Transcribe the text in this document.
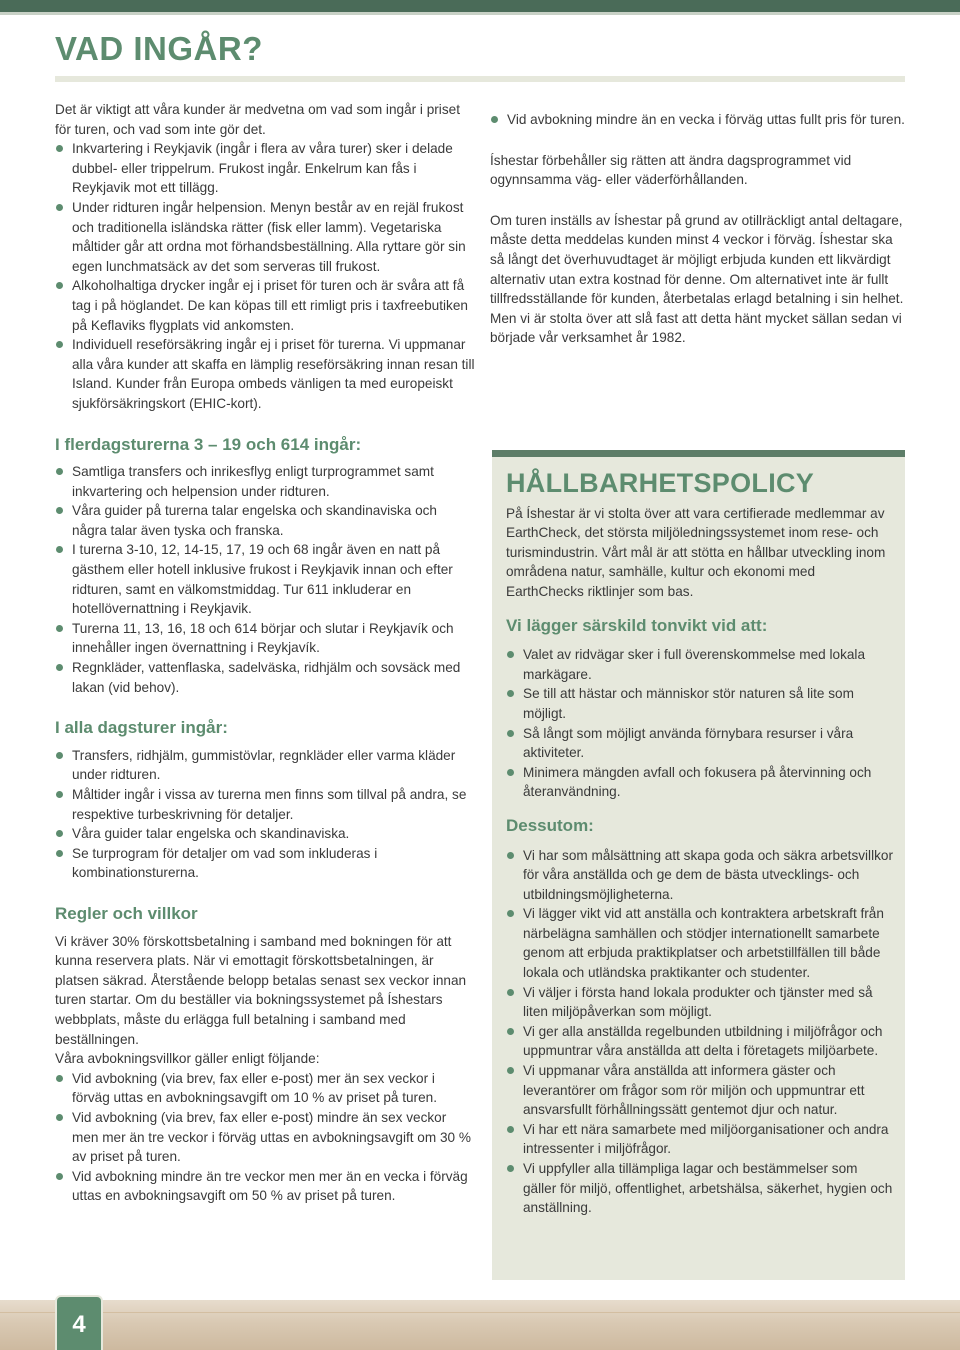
VAD INGÅR?

Det är viktigt att våra kunder är medvetna om vad som ingår i priset för turen, och vad som inte gör det.

Inkvartering i Reykjavik (ingår i flera av våra turer) sker i delade dubbel- eller trippelrum. Frukost ingår. Enkelrum kan fås i Reykjavik mot ett tillägg.
Under ridturen ingår helpension. Menyn består av en rejäl frukost och traditionella isländska rätter (fisk eller lamm). Vegetariska måltider går att ordna mot förhandsbeställning. Alla ryttare gör sin egen lunchmatsäck av det som serveras till frukost.
Alkoholhaltiga drycker ingår ej i priset för turen och är svåra att få tag i på höglandet. De kan köpas till ett rimligt pris i taxfreebutiken på Keflaviks flygplats vid ankomsten.
Individuell reseförsäkring ingår ej i priset för turerna. Vi uppmanar alla våra kunder att skaffa en lämplig reseförsäkring innan resan till Island. Kunder från Europa ombeds vänligen ta med europeiskt sjukförsäkringskort (EHIC-kort).
I flerdagsturerna 3 – 19 och 614 ingår:
Samtliga transfers och inrikesflyg enligt turprogrammet samt inkvartering och helpension under ridturen.
Våra guider på turerna talar engelska och skandinaviska och några talar även tyska och franska.
I turerna 3-10, 12, 14-15, 17, 19 och 68 ingår även en natt på gästhem eller hotell inklusive frukost i Reykjavik innan och efter ridturen, samt en välkomstmiddag. Tur 611 inkluderar en hotellövernattning i Reykjavik.
Turerna 11, 13, 16, 18 och 614 börjar och slutar i Reykjavík och innehåller ingen övernattning i Reykjavík.
Regnkläder, vattenflaska, sadelväska, ridhjälm och sovsäck med lakan (vid behov).
I alla dagsturer ingår:
Transfers, ridhjälm, gummistövlar, regnkläder eller varma kläder under ridturen.
Måltider ingår i vissa av turerna men finns som tillval på andra, se respektive turbeskrivning för detaljer.
Våra guider talar engelska och skandinaviska.
Se turprogram för detaljer om vad som inkluderas i kombinationsturerna.
Regler och villkor

Vi kräver 30% förskottsbetalning i samband med bokningen för att kunna reservera plats. När vi emottagit förskottsbetalningen, är platsen säkrad. Återstående belopp betalas senast sex veckor innan turen startar. Om du beställer via bokningssystemet på Íshestars webbplats, måste du erlägga full betalning i samband med beställningen.

Våra avbokningsvillkor gäller enligt följande:

Vid avbokning (via brev, fax eller e-post) mer än sex veckor i förväg uttas en avbokningsavgift om 10 % av priset på turen.
Vid avbokning (via brev, fax eller e-post) mindre än sex veckor men mer än tre veckor i förväg uttas en avbokningsavgift om 30 % av priset på turen.
Vid avbokning mindre än tre veckor men mer än en vecka i förväg uttas en avbokningsavgift om 50 % av priset på turen.
Vid avbokning mindre än en vecka i förväg uttas fullt pris för turen.

Íshestar förbehåller sig rätten att ändra dagsprogrammet vid ogynnsamma väg- eller väderförhållanden.

Om turen inställs av Íshestar på grund av otillräckligt antal deltagare, måste detta meddelas kunden minst 4 veckor i förväg. Íshestar ska så långt det överhuvudtaget är möjligt erbjuda kunden ett likvärdigt alternativ utan extra kostnad för denne. Om alternativet inte är fullt tillfredsställande för kunden, återbetalas erlagd betalning i sin helhet. Men vi är stolta över att slå fast att detta hänt mycket sällan sedan vi började vår verksamhet år 1982.

HÅLLBARHETSPOLICY

På Íshestar är vi stolta över att vara certifierade medlemmar av EarthCheck, det största miljöledningssystemet inom rese- och turismindustrin. Vårt mål är att stötta en hållbar utveckling inom områdena natur, samhälle, kultur och ekonomi med EarthChecks riktlinjer som bas.

Vi lägger särskild tonvikt vid att:
Valet av ridvägar sker i full överenskommelse med lokala markägare.
Se till att hästar och människor stör naturen så lite som möjligt.
Så långt som möjligt använda förnybara resurser i våra aktiviteter.
Minimera mängden avfall och fokusera på återvinning och återanvändning.
Dessutom:
Vi har som målsättning att skapa goda och säkra arbetsvillkor för våra anställda och ge dem de bästa utvecklings- och utbildningsmöjligheterna.
Vi lägger vikt vid att anställa och kontraktera arbetskraft från närbelägna samhällen och stödjer internationellt samarbete genom att erbjuda praktikplatser och arbetstillfällen till både lokala och utländska praktikanter och studenter.
Vi väljer i första hand lokala produkter och tjänster med så liten miljöpåverkan som möjligt.
Vi ger alla anställda regelbunden utbildning i miljöfrågor och uppmuntrar våra anställda att delta i företagets miljöarbete.
Vi uppmanar våra anställda att informera gäster och leverantörer om frågor som rör miljön och uppmuntrar ett ansvarsfullt förhållningssätt gentemot djur och natur.
Vi har ett nära samarbete med miljöorganisationer och andra intressenter i miljöfrågor.
Vi uppfyller alla tillämpliga lagar och bestämmelser som gäller för miljö, offentlighet, arbetshälsa, säkerhet, hygien och anställning.
4
